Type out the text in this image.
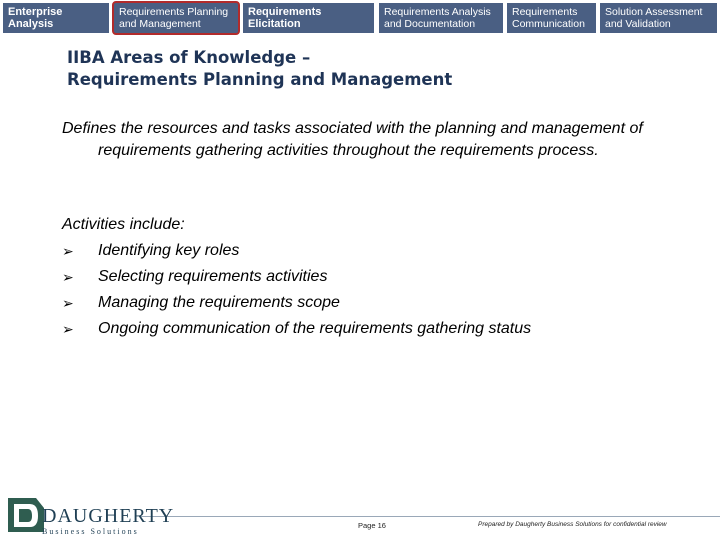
Enterprise Analysis
Requirements Planning
and Management
Requirements Elicitation
Requirements Analysis
and Documentation
Requirements
Communication
Solution Assessment
and Validation
IIBA Areas of Knowledge –
Requirements Planning and Management
Defines the resources and tasks associated with the planning and management of requirements gathering activities throughout the requirements process.
Activities include:
➢	Identifying key roles
➢	Selecting requirements activities
➢	Managing the requirements scope
➢	Ongoing communication of the requirements gathering status
DAUGHERTY
Business Solutions
Page 16	Prepared by Daugherty Business Solutions for confidential review
